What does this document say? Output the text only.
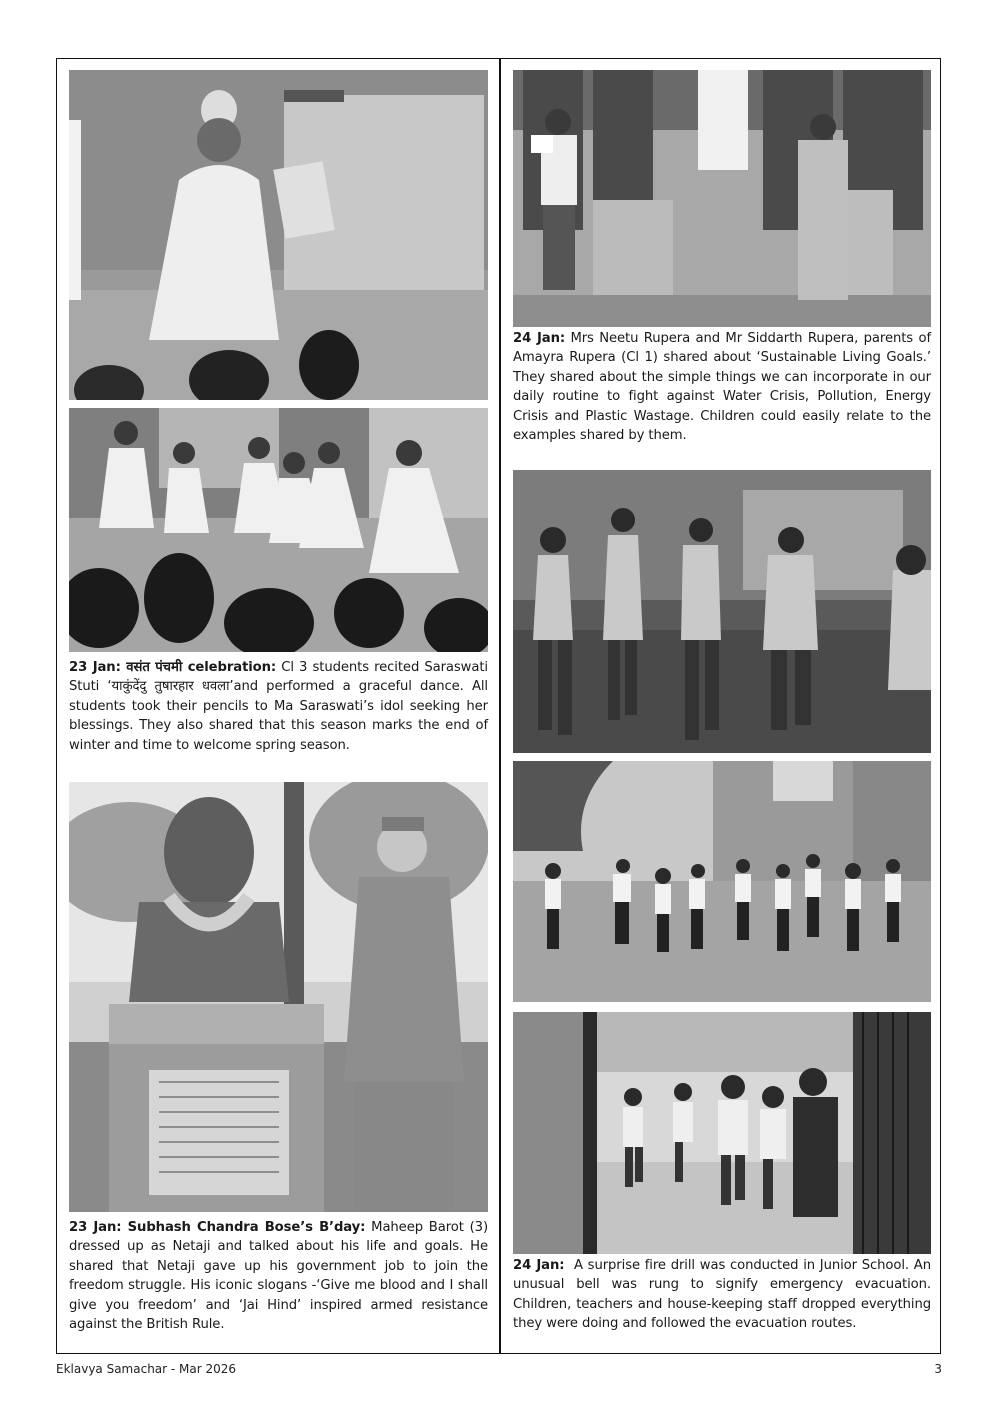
23 Jan: वसंत पंचमी celebration: Cl 3 students recited Saraswati Stuti ‘याकुंदेंदु तुषारहार धवला’and performed a graceful dance. All students took their pencils to Ma Saraswati’s idol seeking her blessings. They also shared that this season marks the end of winter and time to welcome spring season.
23 Jan: Subhash Chandra Bose’s B’day: Maheep Barot (3) dressed up as Netaji and talked about his life and goals. He shared that Netaji gave up his government job to join the freedom struggle. His iconic slogans -‘Give me blood and I shall give you freedom’ and ‘Jai Hind’ inspired armed resistance against the British Rule.
24 Jan: Mrs Neetu Rupera and Mr Siddarth Rupera, parents of Amayra Rupera (Cl 1) shared about ‘Sustainable Living Goals.’ They shared about the simple things we can incorporate in our daily routine to fight against Water Crisis, Pollution, Energy Crisis and Plastic Wastage. Children could easily relate to the examples shared by them.
24 Jan:  A surprise fire drill was conducted in Junior School. An unusual bell was rung to signify emergency evacuation. Children, teachers and house-keeping staff dropped everything they were doing and followed the evacuation routes.
Eklavya Samachar - Mar 2026	3
